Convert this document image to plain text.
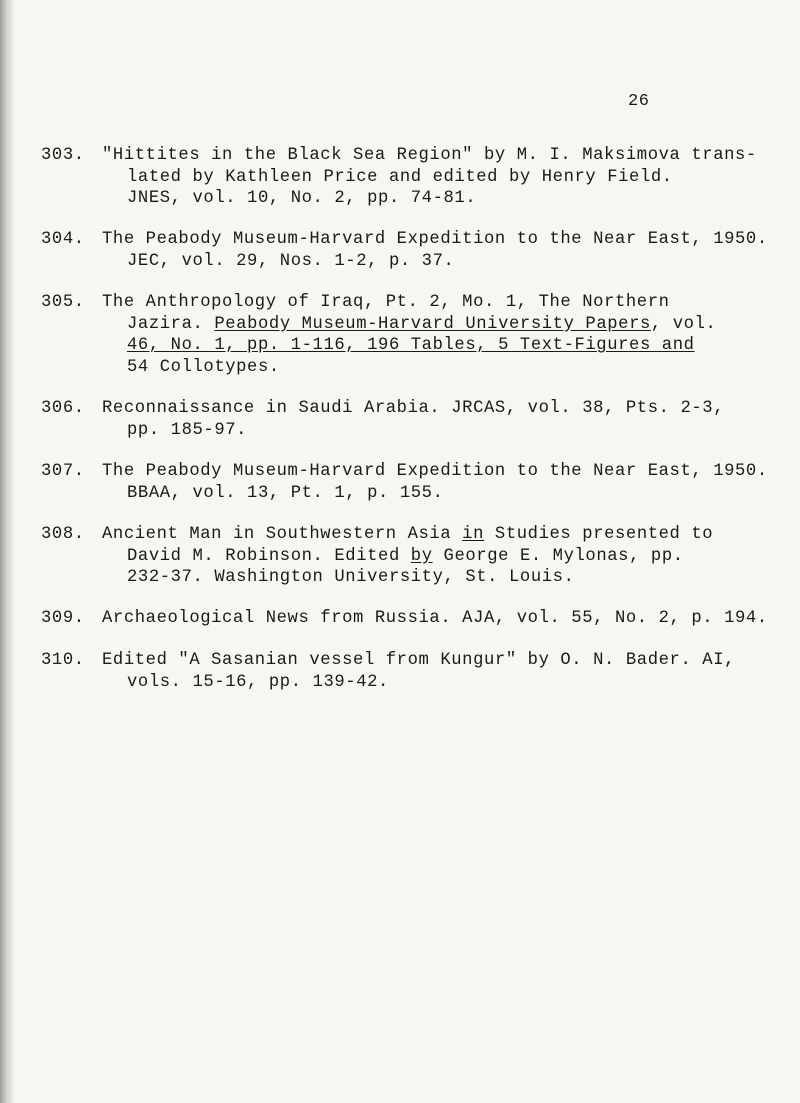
26
303.	"Hittites in the Black Sea Region" by M. I. Maksimova trans-
lated by Kathleen Price and edited by Henry Field.
JNES, vol. 10, No. 2, pp. 74-81.
304.	The Peabody Museum-Harvard Expedition to the Near East, 1950.
JEC, vol. 29, Nos. 1-2, p. 37.
305.	The Anthropology of Iraq, Pt. 2, Mo. 1, The Northern
Jazira. Peabody Museum-Harvard University Papers, vol.
46, No. 1, pp. 1-116, 196 Tables, 5 Text-Figures and
54 Collotypes.
306.	Reconnaissance in Saudi Arabia. JRCAS, vol. 38, Pts. 2-3,
pp. 185-97.
307.	The Peabody Museum-Harvard Expedition to the Near East, 1950.
BBAA, vol. 13, Pt. 1, p. 155.
308.	Ancient Man in Southwestern Asia in Studies presented to
David M. Robinson. Edited by George E. Mylonas, pp.
232-37. Washington University, St. Louis.
309.	Archaeological News from Russia. AJA, vol. 55, No. 2, p. 194.
310.	Edited "A Sasanian vessel from Kungur" by O. N. Bader. AI,
vols. 15-16, pp. 139-42.
